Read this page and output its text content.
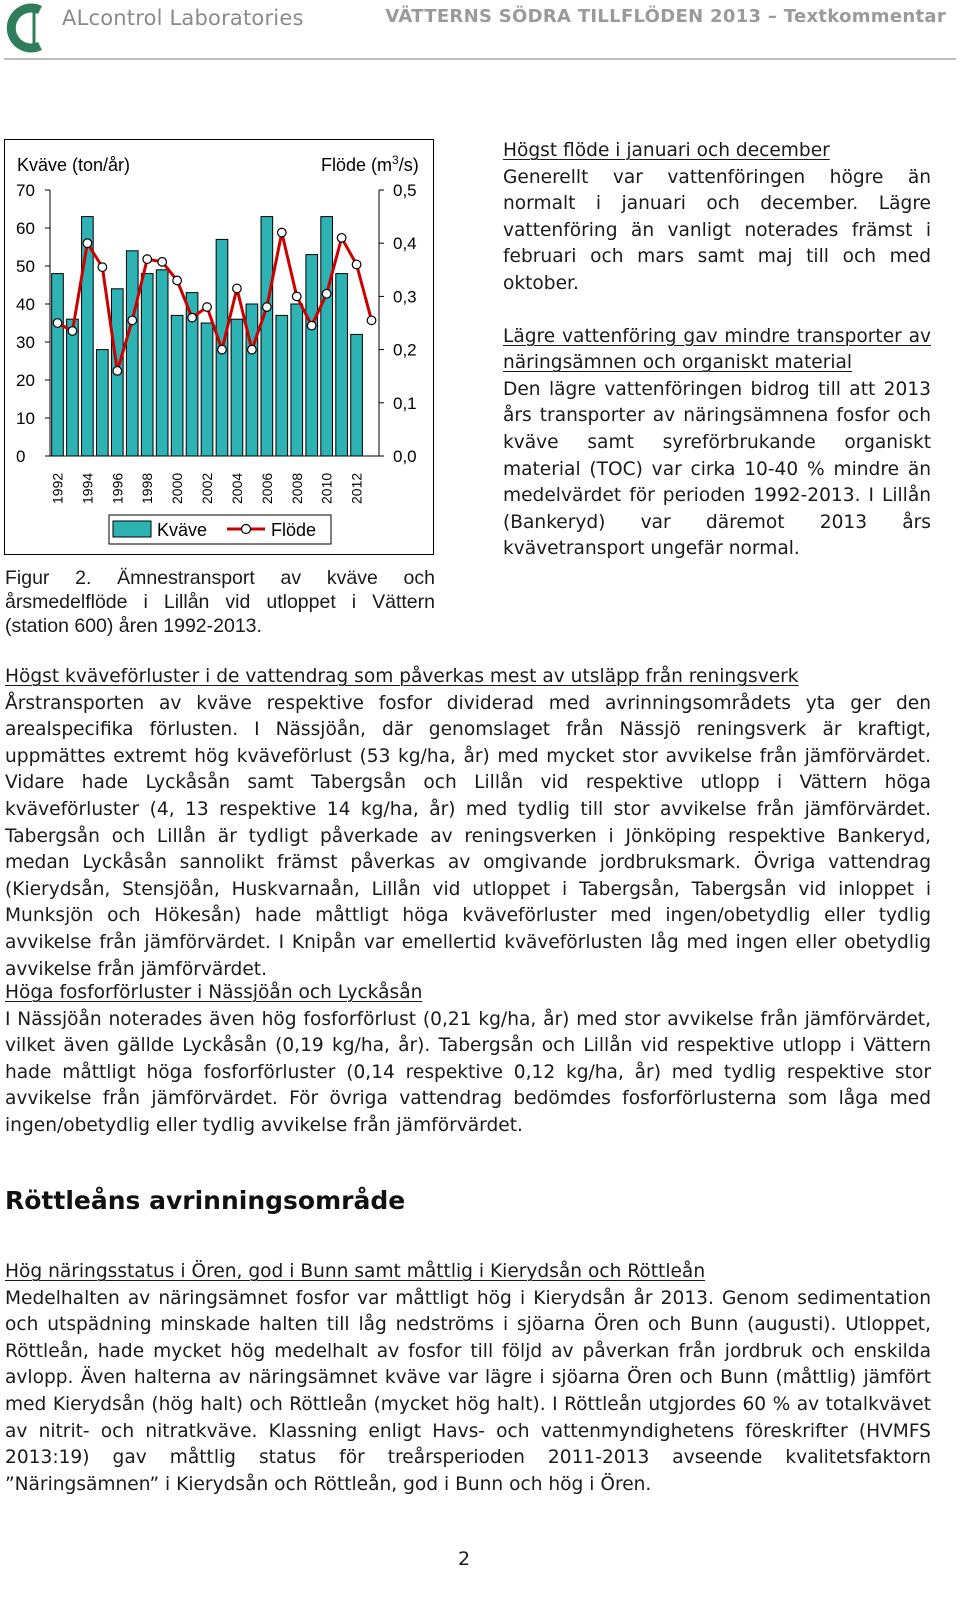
ALcontrol Laboratories	VÄTTERNS SÖDRA TILLFLÖDEN 2013 – Textkommentar
Kväve (ton/år)	Flöde $(m^3/s)$
0
10
20
30
40
50
60
70
0,0
0,1
0,2
0,3
0,4
0,5
1992 1994 1996 1998 2000 2002 2004 2006 2008 2010 2012
Kväve	Flöde

Figur 2. Ämnestransport av kväve och årsmedelflöde i Lillån vid utloppet i Vättern (station 600) åren 1992-2013.

Högst flöde i januari och december

Generellt var vattenföringen högre än normalt i januari och december. Lägre vattenföring än vanligt noterades främst i februari och mars samt maj till och med oktober.

Lägre vattenföring gav mindre transporter av näringsämnen och organiskt material

Den lägre vattenföringen bidrog till att 2013 års transporter av näringsämnena fosfor och kväve samt syreförbrukande organiskt material (TOC) var cirka 10-40 % mindre än medelvärdet för perioden 1992-2013. I Lillån (Bankeryd) var däremot 2013 års kvävetransport ungefär normal.

Högst kväveförluster i de vattendrag som påverkas mest av utsläpp från reningsverk

Årstransporten av kväve respektive fosfor dividerad med avrinningsområdets yta ger den arealspecifika förlusten. I Nässjöån, där genomslaget från Nässjö reningsverk är kraftigt, uppmättes extremt hög kväveförlust (53 kg/ha, år) med mycket stor avvikelse från jämförvärdet. Vidare hade Lyckåsån samt Tabergsån och Lillån vid respektive utlopp i Vättern höga kväveförluster (4, 13 respektive 14 kg/ha, år) med tydlig till stor avvikelse från jämförvärdet. Tabergsån och Lillån är tydligt påverkade av reningsverken i Jönköping respektive Bankeryd, medan Lyckåsån sannolikt främst påverkas av omgivande jordbruksmark. Övriga vattendrag (Kierydsån, Stensjöån, Huskvarnaån, Lillån vid utloppet i Tabergsån, Tabergsån vid inloppet i Munksjön och Hökesån) hade måttligt höga kväveförluster med ingen/obetydlig eller tydlig avvikelse från jämförvärdet. I Knipån var emellertid kväveförlusten låg med ingen eller obetydlig avvikelse från jämförvärdet.

Höga fosforförluster i Nässjöån och Lyckåsån

I Nässjöån noterades även hög fosforförlust (0,21 kg/ha, år) med stor avvikelse från jämförvärdet, vilket även gällde Lyckåsån (0,19 kg/ha, år). Tabergsån och Lillån vid respektive utlopp i Vättern hade måttligt höga fosforförluster (0,14 respektive 0,12 kg/ha, år) med tydlig respektive stor avvikelse från jämförvärdet. För övriga vattendrag bedömdes fosforförlusterna som låga med ingen/obetydlig eller tydlig avvikelse från jämförvärdet.

Röttleåns avrinningsområde

Hög näringsstatus i Ören, god i Bunn samt måttlig i Kierydsån och Röttleån

Medelhalten av näringsämnet fosfor var måttligt hög i Kierydsån år 2013. Genom sedimentation och utspädning minskade halten till låg nedströms i sjöarna Ören och Bunn (augusti). Utloppet, Röttleån, hade mycket hög medelhalt av fosfor till följd av påverkan från jordbruk och enskilda avlopp. Även halterna av näringsämnet kväve var lägre i sjöarna Ören och Bunn (måttlig) jämfört med Kierydsån (hög halt) och Röttleån (mycket hög halt). I Röttleån utgjordes 60 % av totalkvävet av nitrit- och nitratkväve. Klassning enligt Havs- och vattenmyndighetens föreskrifter (HVMFS 2013:19) gav måttlig status för treårsperioden 2011-2013 avseende kvalitetsfaktorn ”Näringsämnen” i Kierydsån och Röttleån, god i Bunn och hög i Ören.

2
